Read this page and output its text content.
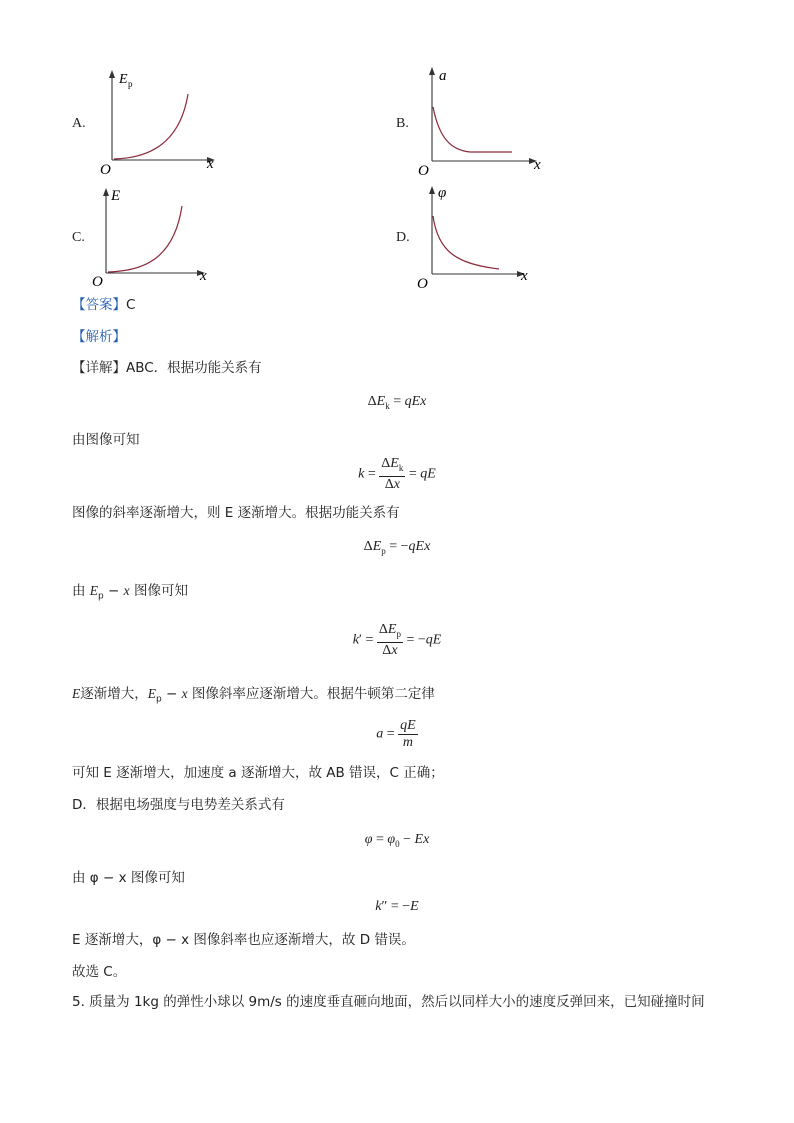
A.
E p
O	x
B.
a
O	x
C.
E
O	x
D.
φ
O	x
【答案】C
【解析】
【详解】ABC．根据功能关系有
$\Delta E_k$ = qEx
由图像可知
$k = \frac{\Delta E_k}{\Delta x}$ = qE
图像的斜率逐渐增大，则 E 逐渐增大。根据功能关系有
$\Delta E_p = -qEx$
由 $E_p - x$ 图像可知
$k' = \frac{\Delta E_p}{\Delta x} = -qE$
E逐渐增大，$E_p - x$ 图像斜率应逐渐增大。根据牛顿第二定律
$a = \frac{qE}{m}$
可知 E 逐渐增大，加速度 a 逐渐增大，故 AB 错误，C 正确；
D．根据电场强度与电势差关系式有
$\varphi = \varphi_0 - Ex$
由 φ − x 图像可知
k″ = −E
E 逐渐增大，φ − x 图像斜率也应逐渐增大，故 D 错误。
故选 C。
5. 质量为 1kg 的弹性小球以 9m/s 的速度垂直砸向地面，然后以同样大小的速度反弹回来，已知碰撞时间
